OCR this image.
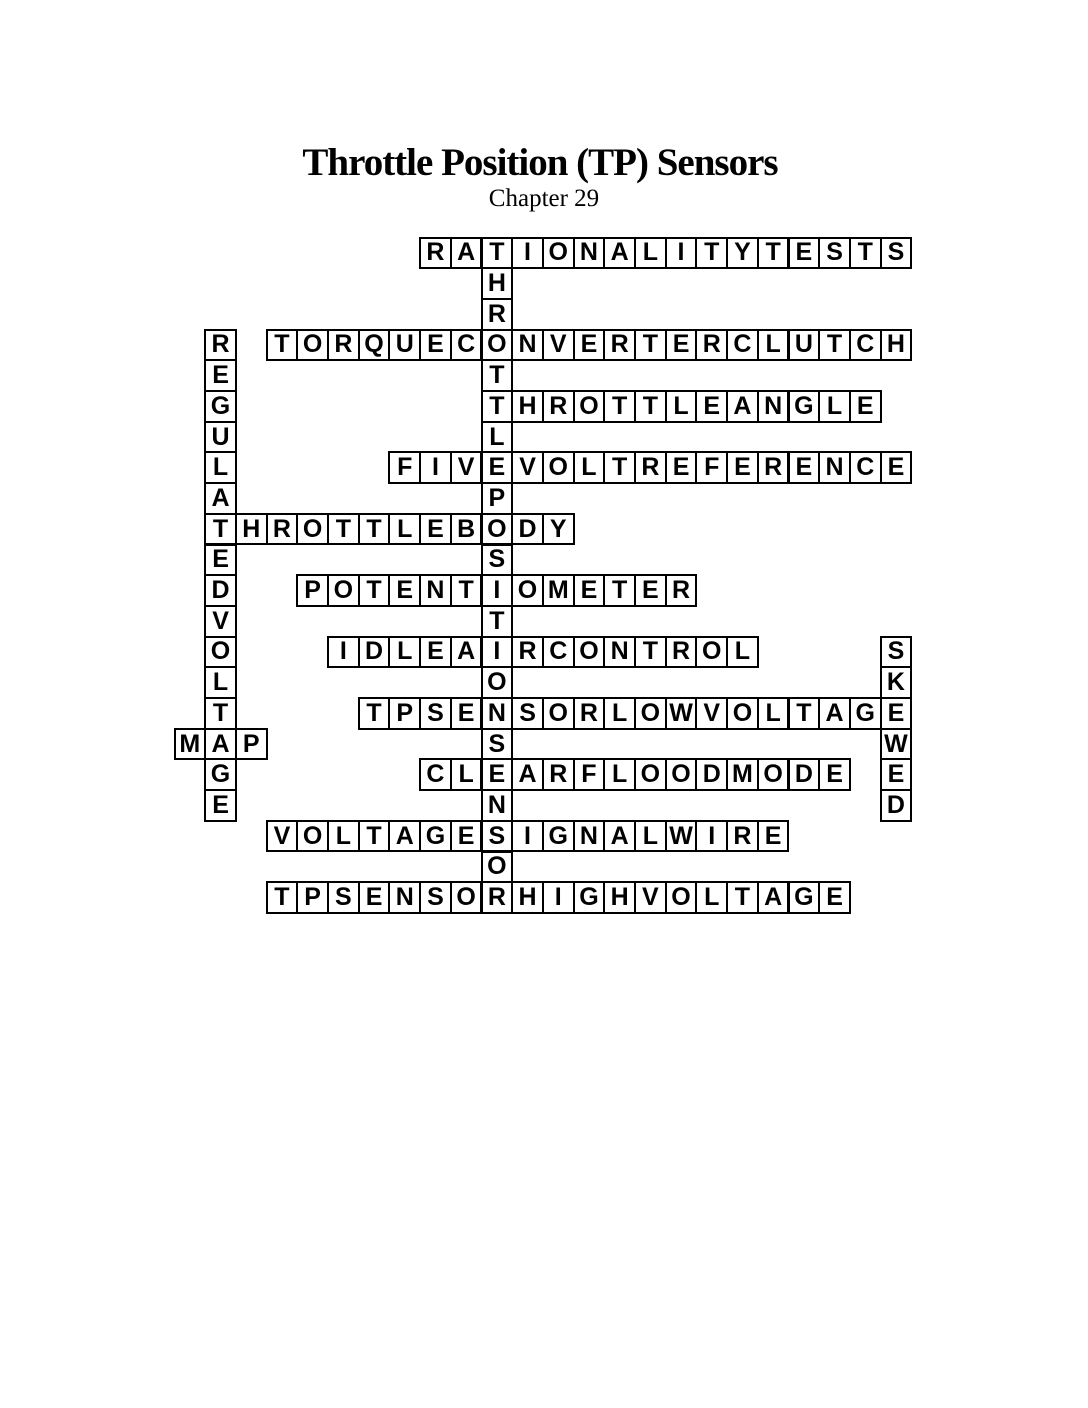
Throttle Position (TP) Sensors
Chapter 29
R A T I O N A L I T Y T E S T S
H
R
O
T
T
L
E
P
O
S
I
T
I
O
N
S
E
N
S
O
R
T O R Q U E C N V E R T E R C L U T C H
R
E
G
U
L
A
T
E
D
V
O
L
T
A
G
E
H R O T T L E A N G L E
F I V	V O L T R E F E R E N C E
H R O T T L E B D Y
P O T E N T	O M E T E R
I D L E A R C O N T R O L	S
K
E
W
E
D
T P S E	S O R L O W V O L T A G
M	P
C L	A R F L O O D M O D E
V O L T A G E	I G N A L W I R E
T P S E N S O H I G H V O L T A G E
